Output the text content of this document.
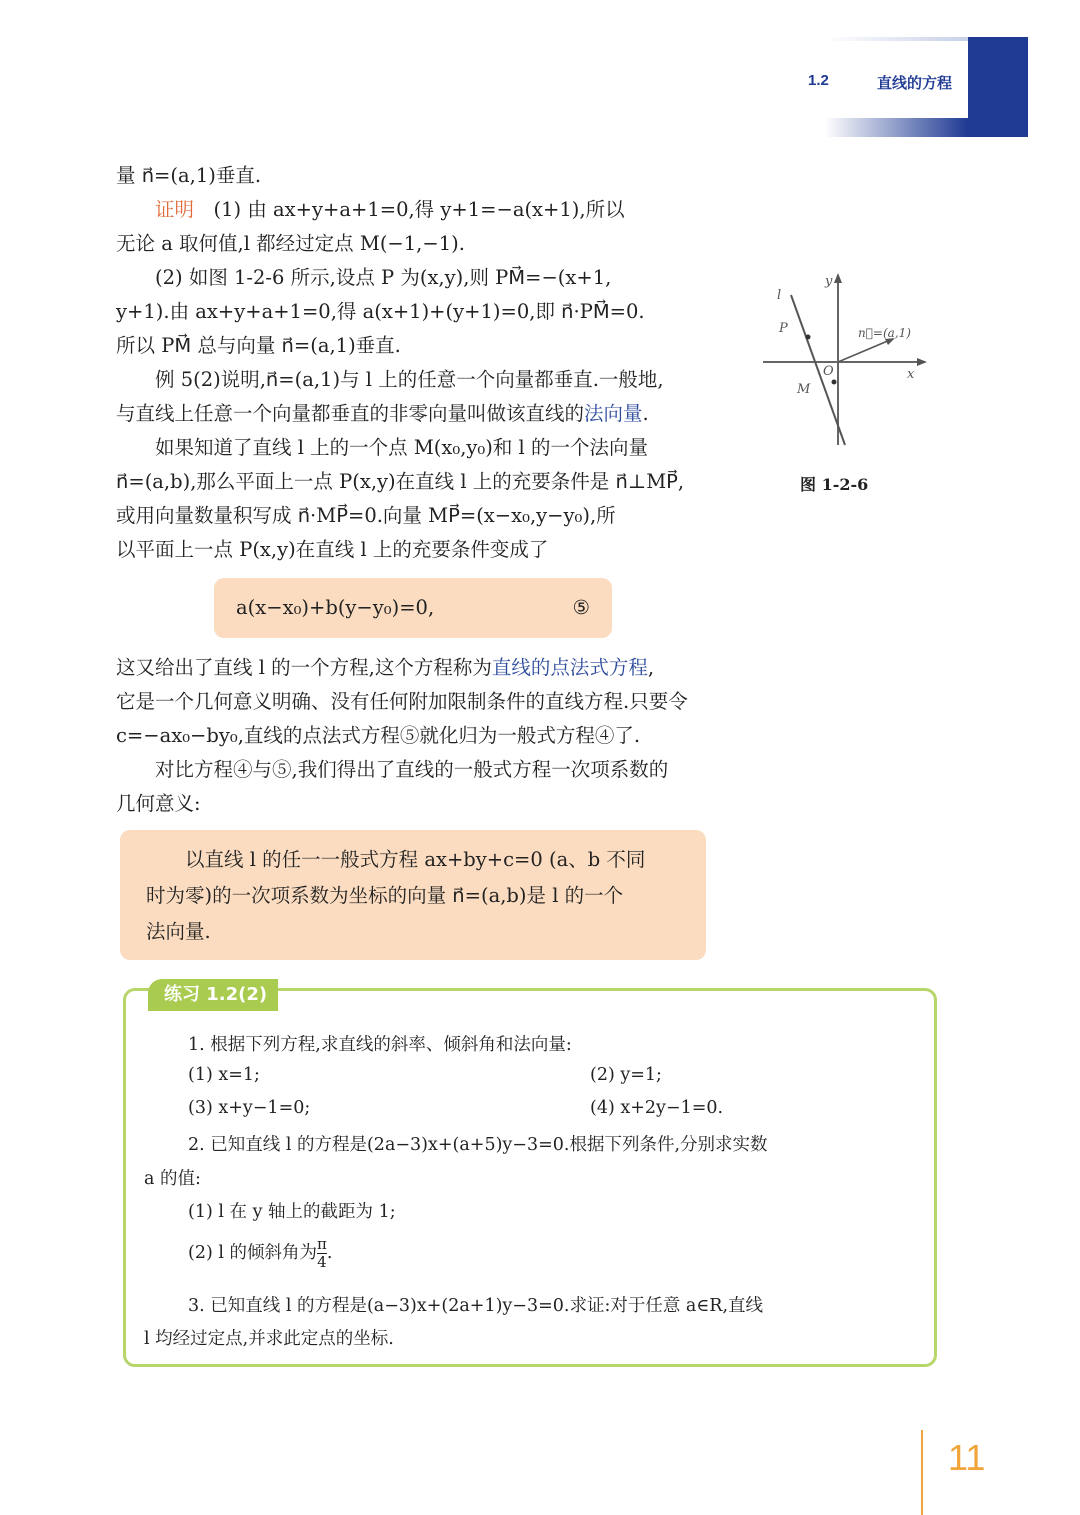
1.2	直线的方程
量 n⃗=(a,1)垂直.
　　证明　(1) 由 ax+y+a+1=0,得 y+1=−a(x+1),所以
无论 a 取何值,l 都经过定点 M(−1,−1).
　　(2) 如图 1-2-6 所示,设点 P 为(x,y),则 PM⃗=−(x+1,
y+1).由 ax+y+a+1=0,得 a(x+1)+(y+1)=0,即 n⃗·PM⃗=0.
所以 PM⃗ 总与向量 n⃗=(a,1)垂直.
　　例 5(2)说明,n⃗=(a,1)与 l 上的任意一个向量都垂直.一般地,
与直线上任意一个向量都垂直的非零向量叫做该直线的法向量.
　　如果知道了直线 l 上的一个点 M(x₀,y₀)和 l 的一个法向量
n⃗=(a,b),那么平面上一点 P(x,y)在直线 l 上的充要条件是 n⃗⊥MP⃗,
或用向量数量积写成 n⃗·MP⃗=0.向量 MP⃗=(x−x₀,y−y₀),所
以平面上一点 P(x,y)在直线 l 上的充要条件变成了
a(x−x₀)+b(y−y₀)=0,	⑤
这又给出了直线 l 的一个方程,这个方程称为直线的点法式方程,
它是一个几何意义明确、没有任何附加限制条件的直线方程.只要令
c=−ax₀−by₀,直线的点法式方程⑤就化归为一般式方程④了.
　　对比方程④与⑤,我们得出了直线的一般式方程一次项系数的
几何意义:
　　以直线 l 的任一一般式方程 ax+by+c=0 (a、b 不同
时为零)的一次项系数为坐标的向量 n⃗=(a,b)是 l 的一个
法向量.
y
x
O
l
P
M
n⃗=(a,1)
图 1-2-6
练习 1.2(2)
1. 根据下列方程,求直线的斜率、倾斜角和法向量:
(1) x=1;	(2) y=1;
(3) x+y−1=0;	(4) x+2y−1=0.
2. 已知直线 l 的方程是(2a−3)x+(a+5)y−3=0.根据下列条件,分别求实数
a 的值:
(1) l 在 y 轴上的截距为 1;
(2) l 的倾斜角为 $\frac{\pi}{4}$ .
3. 已知直线 l 的方程是(a−3)x+(2a+1)y−3=0.求证:对于任意 a∈R,直线
l 均经过定点,并求此定点的坐标.
11
